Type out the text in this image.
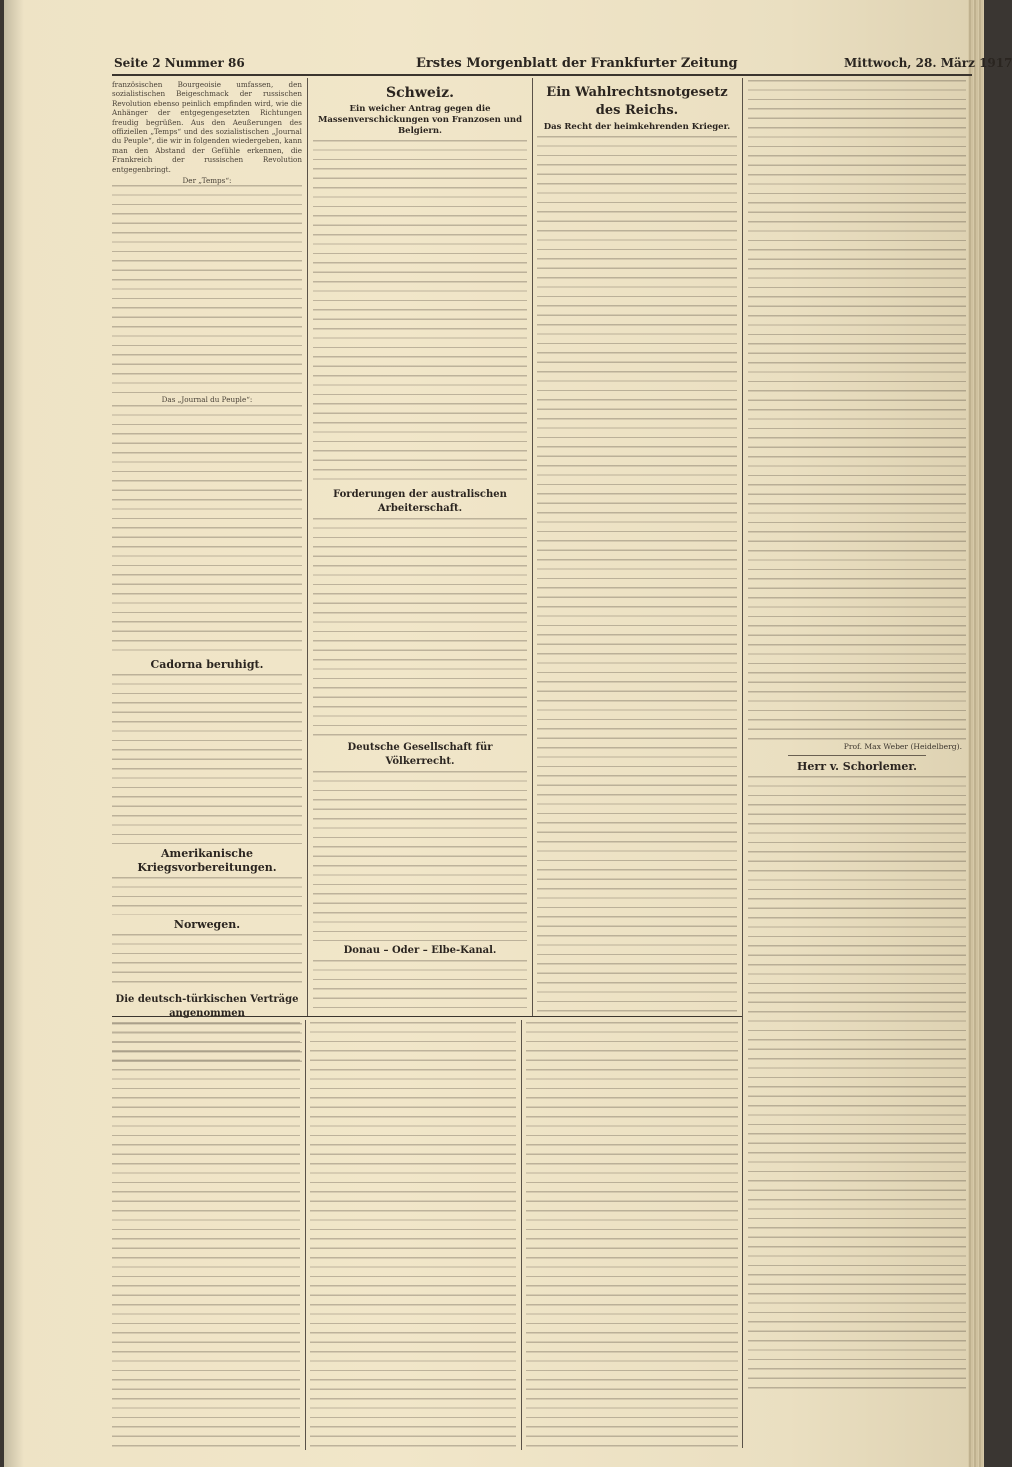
Seite 2 Nummer 86	Erstes Morgenblatt der Frankfurter Zeitung	Mittwoch, 28. März 1917

französischen Bourgeoisie umfassen, den sozialistischen Beigeschmack der russischen Revolution ebenso peinlich empfinden wird, wie die Anhänger der entgegengesetzten Richtungen freudig begrüßen. Aus den Aeußerungen des offiziellen „Temps“ und des sozialistischen „Journal du Peuple“, die wir in folgenden wiedergeben, kann man den Abstand der Gefühle erkennen, die Frankreich der russischen Revolution entgegenbringt.

Der „Temps“:

Das „Journal du Peuple“:

Cadorna beruhigt.
Amerikanische Kriegsvorbereitungen.
Norwegen.
Die deutsch-türkischen Verträge angenommen
Schweiz.
Ein weicher Antrag gegen die Massenverschickungen von Franzosen und Belgiern.
Forderungen der australischen Arbeiterschaft.
Deutsche Gesellschaft für Völkerrecht.
Donau – Oder – Elbe-Kanal.
Ein Wahlrechtsnotgesetz des Reichs.
Das Recht der heimkehrenden Krieger.

Prof. Max Weber (Heidelberg).

Herr v. Schorlemer.
